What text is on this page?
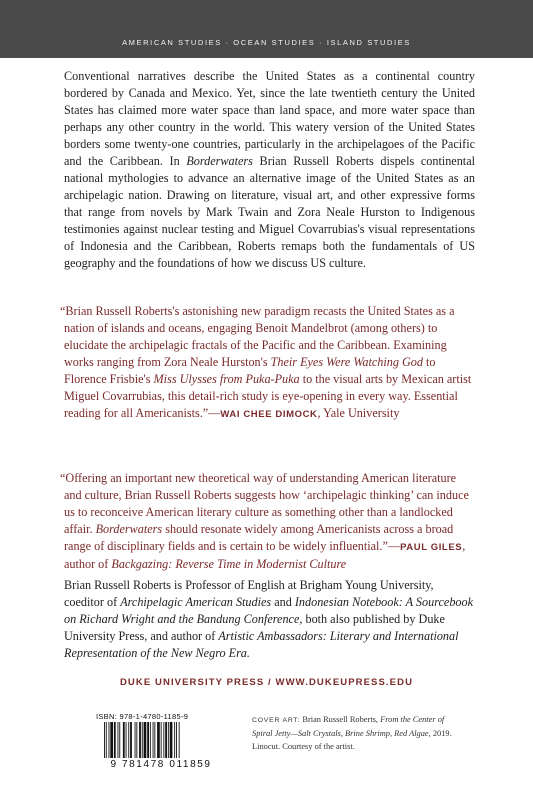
AMERICAN STUDIES · OCEAN STUDIES · ISLAND STUDIES
Conventional narratives describe the United States as a continental country bordered by Canada and Mexico. Yet, since the late twentieth century the United States has claimed more water space than land space, and more water space than perhaps any other country in the world. This watery version of the United States borders some twenty-one countries, particularly in the archipelagoes of the Pacific and the Caribbean. In Borderwaters Brian Russell Roberts dispels continental national mythologies to advance an alternative image of the United States as an archipelagic nation. Drawing on literature, visual art, and other expressive forms that range from novels by Mark Twain and Zora Neale Hurston to Indigenous testimonies against nuclear testing and Miguel Covarrubias's visual representations of Indonesia and the Caribbean, Roberts remaps both the fundamentals of US geography and the foundations of how we discuss US culture.
“Brian Russell Roberts's astonishing new paradigm recasts the United States as a nation of islands and oceans, engaging Benoit Mandelbrot (among others) to elucidate the archipelagic fractals of the Pacific and the Caribbean. Examining works ranging from Zora Neale Hurston's Their Eyes Were Watching God to Florence Frisbie's Miss Ulysses from Puka-Puka to the visual arts by Mexican artist Miguel Covarrubias, this detail-rich study is eye-opening in every way. Essential reading for all Americanists.”—WAI CHEE DIMOCK, Yale University
“Offering an important new theoretical way of understanding American literature and culture, Brian Russell Roberts suggests how ‘archipelagic thinking’ can induce us to reconceive American literary culture as something other than a landlocked affair. Borderwaters should resonate widely among Americanists across a broad range of disciplinary fields and is certain to be widely influential.”—PAUL GILES, author of Backgazing: Reverse Time in Modernist Culture
Brian Russell Roberts is Professor of English at Brigham Young University, coeditor of Archipelagic American Studies and Indonesian Notebook: A Sourcebook on Richard Wright and the Bandung Conference, both also published by Duke University Press, and author of Artistic Ambassadors: Literary and International Representation of the New Negro Era.
DUKE UNIVERSITY PRESS / WWW.DUKEUPRESS.EDU
ISBN: 978-1-4780-1185-9
9 781478 011859
COVER ART: Brian Russell Roberts, From the Center of Spiral Jetty—Salt Crystals, Brine Shrimp, Red Algae, 2019. Linocut. Courtesy of the artist.
